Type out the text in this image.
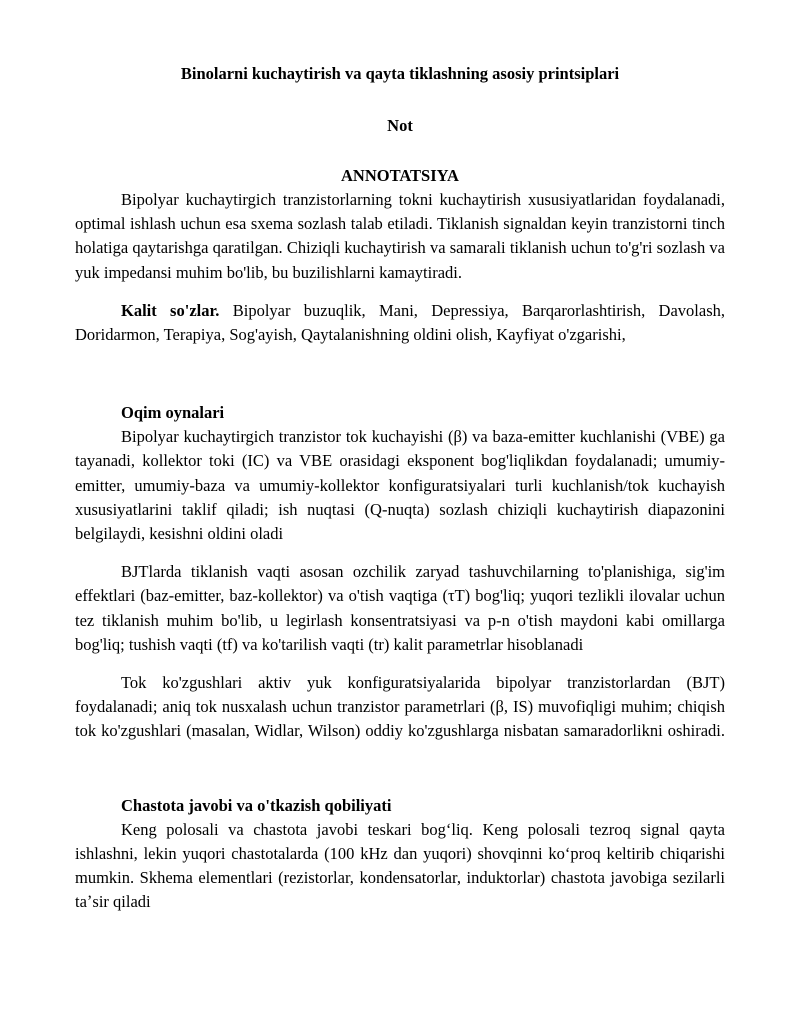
Binolarni kuchaytirish va qayta tiklashning asosiy printsiplari

Not

ANNOTATSIYA

Bipolyar kuchaytirgich tranzistorlarning tokni kuchaytirish xususiyatlaridan foydalanadi, optimal ishlash uchun esa sxema sozlash talab etiladi. Tiklanish signaldan keyin tranzistorni tinch holatiga qaytarishga qaratilgan. Chiziqli kuchaytirish va samarali tiklanish uchun to'g'ri sozlash va yuk impedansi muhim bo'lib, bu buzilishlarni kamaytiradi.

Kalit so'zlar. Bipolyar buzuqlik, Mani, Depressiya, Barqarorlashtirish, Davolash, Doridarmon, Terapiya, Sog'ayish, Qaytalanishning oldini olish, Kayfiyat o'zgarishi,

Oqim oynalari

Bipolyar kuchaytirgich tranzistor tok kuchayishi (β) va baza-emitter kuchlanishi (VBE) ga tayanadi, kollektor toki (IC) va VBE orasidagi eksponent bog'liqlikdan foydalanadi; umumiy-emitter, umumiy-baza va umumiy-kollektor konfiguratsiyalari turli kuchlanish/tok kuchayish xususiyatlarini taklif qiladi; ish nuqtasi (Q-nuqta) sozlash chiziqli kuchaytirish diapazonini belgilaydi, kesishni oldini oladi

BJTlarda tiklanish vaqti asosan ozchilik zaryad tashuvchilarning to'planishiga, sig'im effektlari (baz-emitter, baz-kollektor) va o'tish vaqtiga (τT) bog'liq; yuqori tezlikli ilovalar uchun tez tiklanish muhim bo'lib, u legirlash konsentratsiyasi va p-n o'tish maydoni kabi omillarga bog'liq; tushish vaqti (tf) va ko'tarilish vaqti (tr) kalit parametrlar hisoblanadi

Tok ko'zgushlari aktiv yuk konfiguratsiyalarida bipolyar tranzistorlardan (BJT) foydalanadi; aniq tok nusxalash uchun tranzistor parametrlari (β, IS) muvofiqligi muhim; chiqish tok ko'zgushlari (masalan, Widlar, Wilson) oddiy ko'zgushlarga nisbatan samaradorlikni oshiradi.

Chastota javobi va o'tkazish qobiliyati

Keng polosali va chastota javobi teskari bogʻliq. Keng polosali tezroq signal qayta ishlashni, lekin yuqori chastotalarda (100 kHz dan yuqori) shovqinni koʻproq keltirib chiqarishi mumkin. Skhema elementlari (rezistorlar, kondensatorlar, induktorlar) chastota javobiga sezilarli taʼsir qiladi
